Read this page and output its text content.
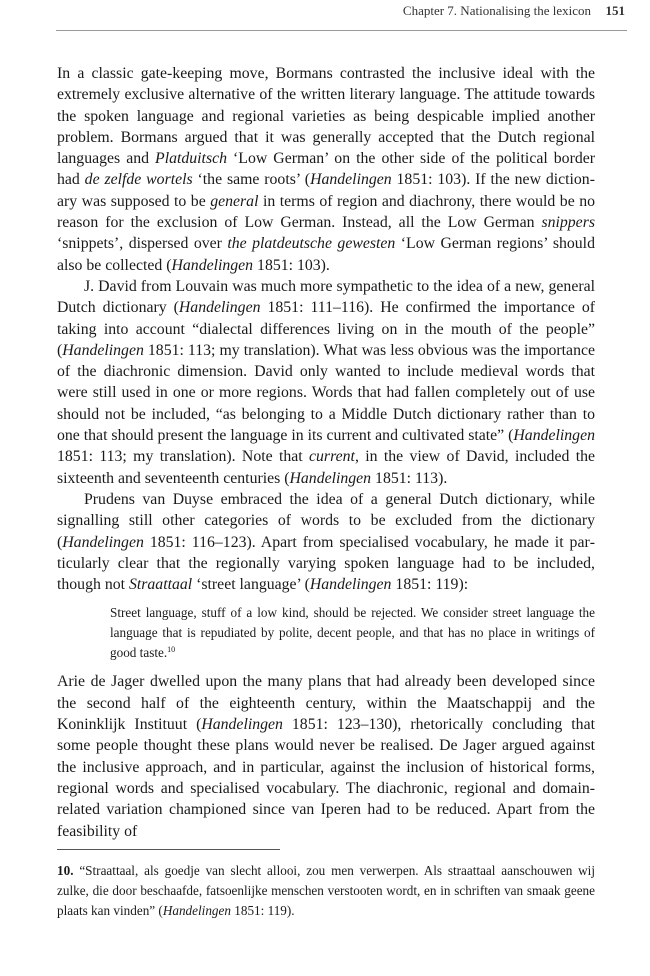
Chapter 7. Nationalising the lexicon 151

In a classic gate-keeping move, Bormans contrasted the inclusive ideal with the extremely exclusive alternative of the written literary language. The attitude towards the spoken language and regional varieties as being despicable implied another problem. Bormans argued that it was generally accepted that the Dutch regional languages and Platduitsch ‘Low German’ on the other side of the political border had de zelfde wortels ‘the same roots’ (Handelingen 1851: 103). If the new dictionary was supposed to be general in terms of region and diachrony, there would be no reason for the exclusion of Low German. Instead, all the Low German snippers ‘snippets’, dispersed over the platdeutsche gewesten ‘Low German regions’ should also be collected (Handelingen 1851: 103).

J. David from Louvain was much more sympathetic to the idea of a new, general Dutch dictionary (Handelingen 1851: 111–116). He confirmed the importance of taking into account “dialectal differences living on in the mouth of the people” (Handelingen 1851: 113; my translation). What was less obvious was the importance of the diachronic dimension. David only wanted to include medieval words that were still used in one or more regions. Words that had fallen completely out of use should not be included, “as belonging to a Middle Dutch dictionary rather than to one that should present the language in its current and cultivated state” (Handelingen 1851: 113; my translation). Note that current, in the view of David, included the sixteenth and seventeenth centuries (Handelingen 1851: 113).

Prudens van Duyse embraced the idea of a general Dutch dictionary, while signalling still other categories of words to be excluded from the dictionary (Handelingen 1851: 116–123). Apart from specialised vocabulary, he made it particularly clear that the regionally varying spoken language had to be included, though not Straattaal ‘street language’ (Handelingen 1851: 119):

Street language, stuff of a low kind, should be rejected. We consider street language the language that is repudiated by polite, decent people, and that has no place in writings of good taste.$^{10}$

Arie de Jager dwelled upon the many plans that had already been developed since the second half of the eighteenth century, within the Maatschappij and the Koninklijk Instituut (Handelingen 1851: 123–130), rhetorically concluding that some people thought these plans would never be realised. De Jager argued against the inclusive approach, and in particular, against the inclusion of historical forms, regional words and specialised vocabulary. The diachronic, regional and domain-related variation championed since van Iperen had to be reduced. Apart from the feasibility of

10. “Straattaal, als goedje van slecht allooi, zou men verwerpen. Als straattaal aanschouwen wij zulke, die door beschaafde, fatsoenlijke menschen verstooten wordt, en in schriften van smaak geene plaats kan vinden” (Handelingen 1851: 119).
